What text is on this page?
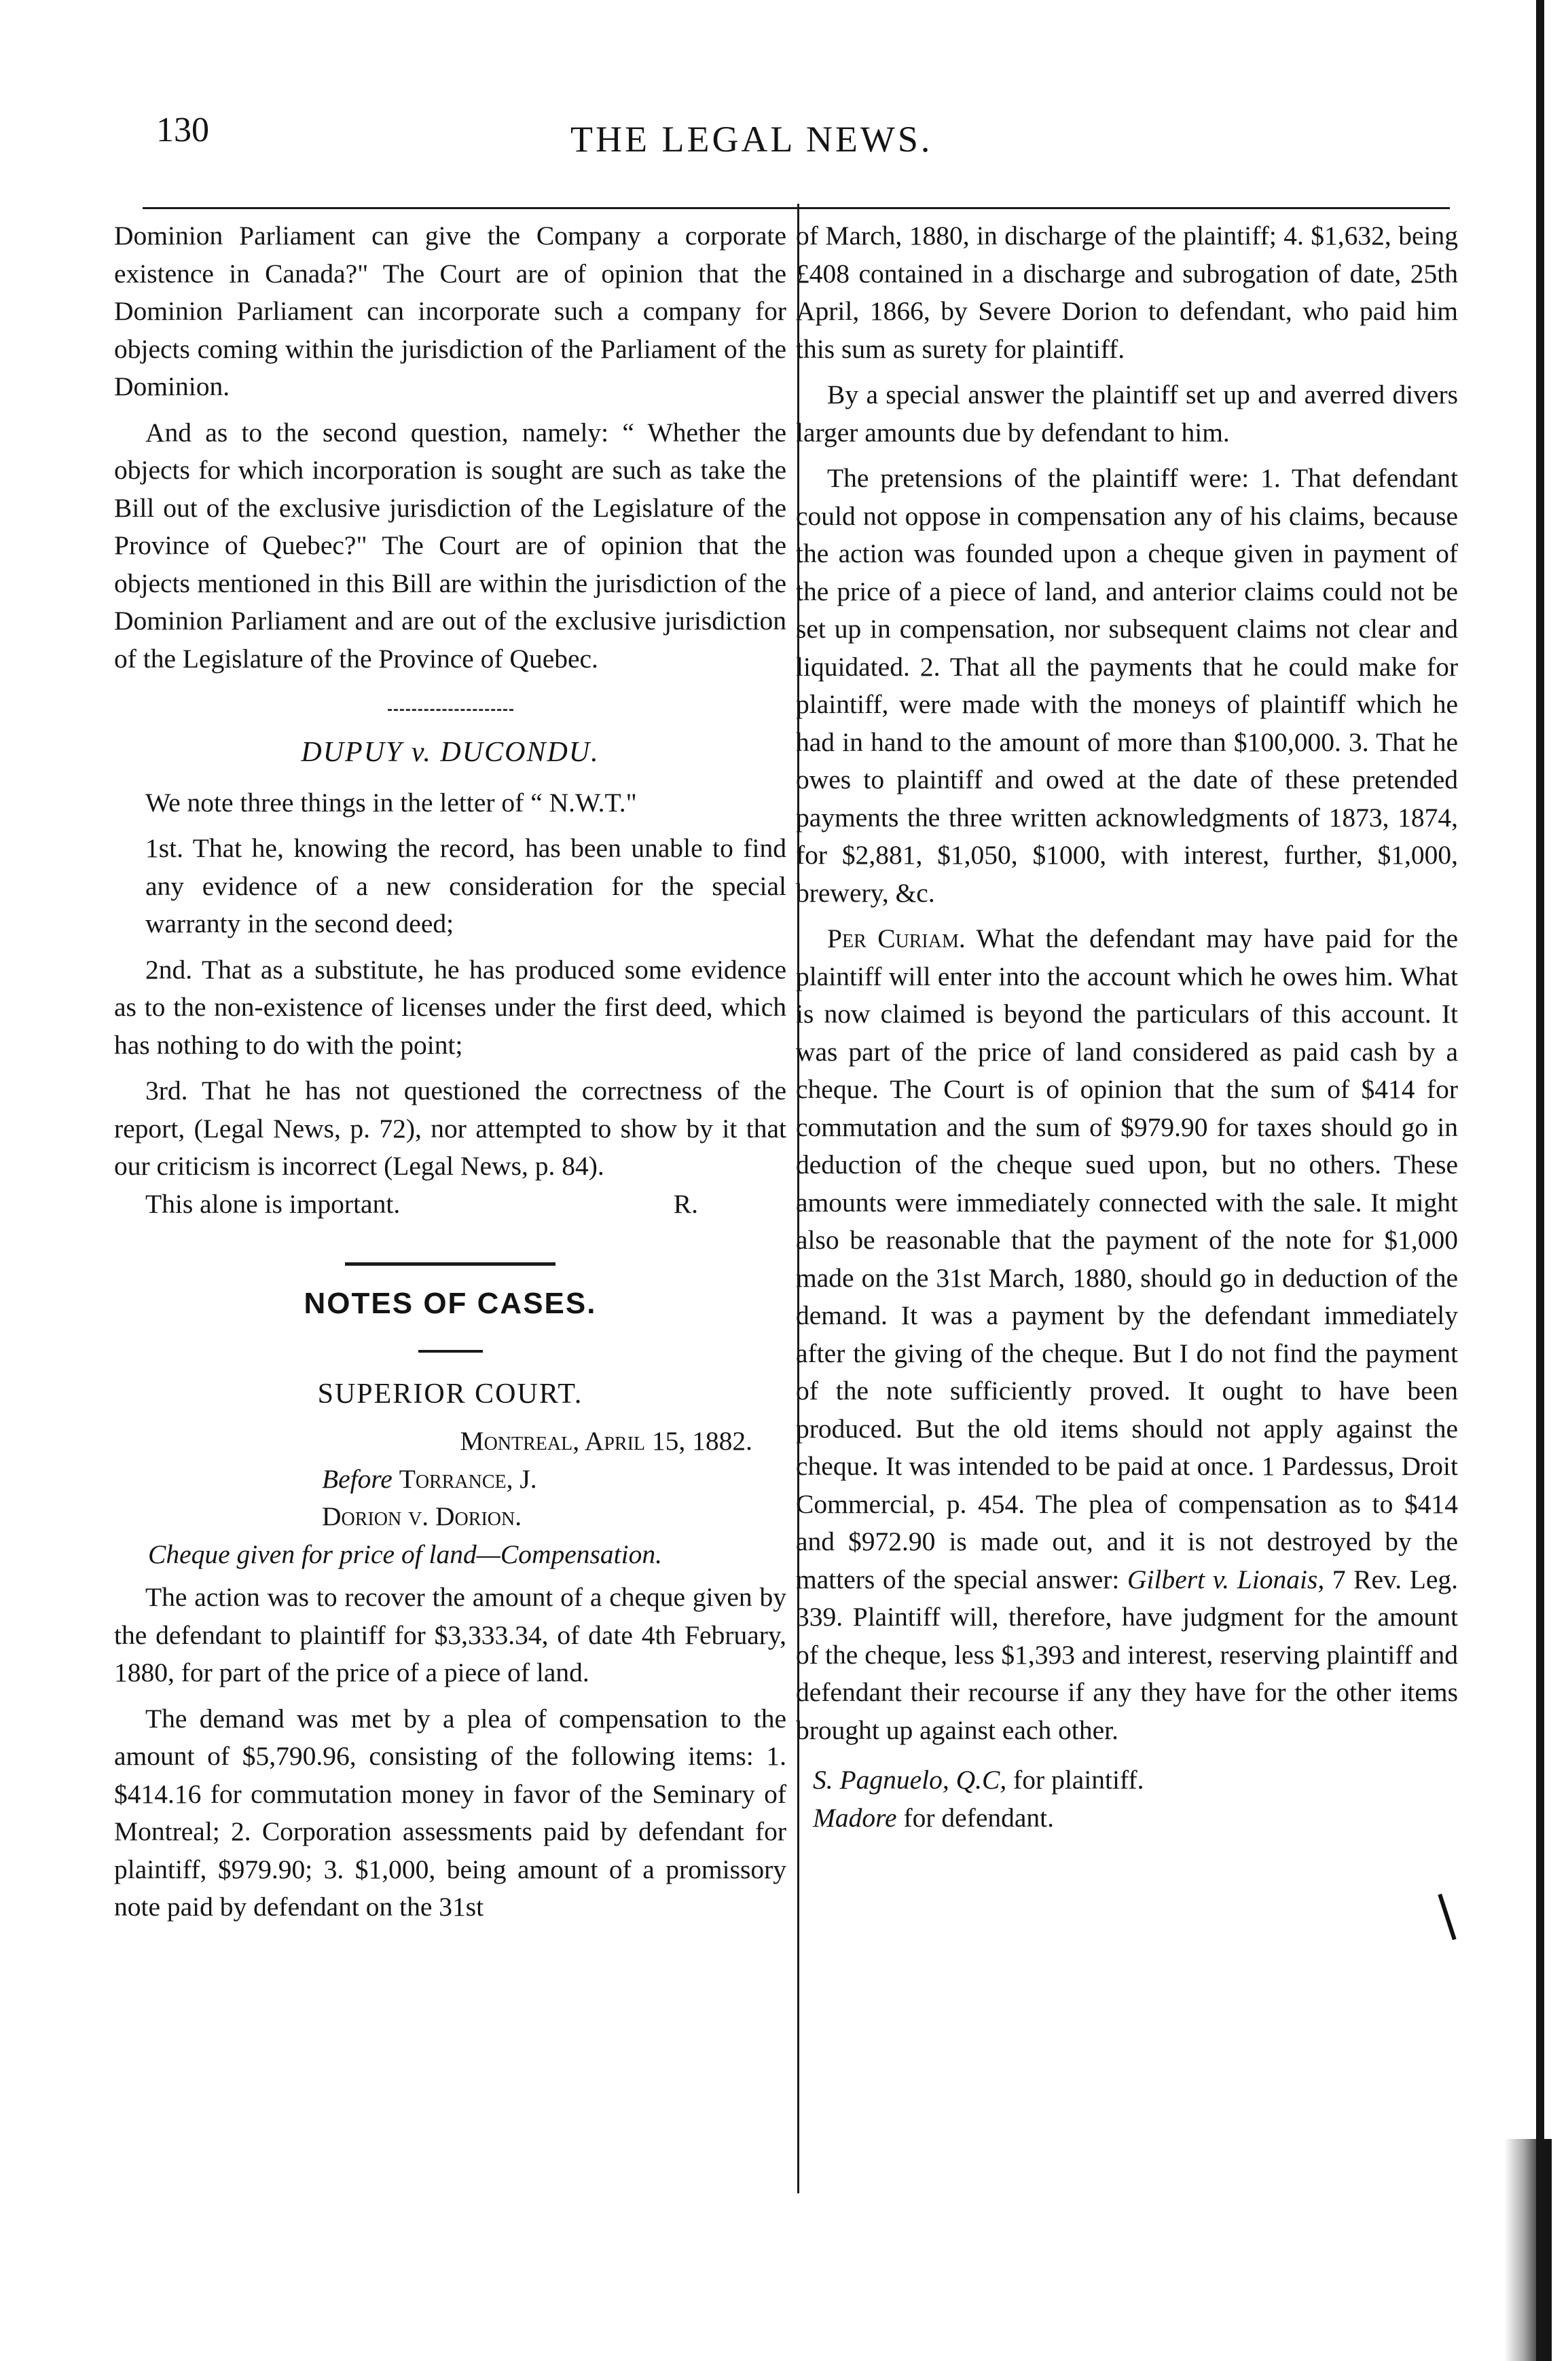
130	THE LEGAL NEWS.

Dominion Parliament can give the Company a corporate existence in Canada?" The Court are of opinion that the Dominion Parliament can incorporate such a company for objects coming within the jurisdiction of the Parliament of the Dominion.

And as to the second question, namely: “ Whether the objects for which incorporation is sought are such as take the Bill out of the exclusive jurisdiction of the Legislature of the Province of Quebec?" The Court are of opinion that the objects mentioned in this Bill are within the jurisdiction of the Dominion Parliament and are out of the exclusive jurisdiction of the Legislature of the Province of Quebec.

DUPUY v. DUCONDU.

We note three things in the letter of “ N.W.T."

1st. That he, knowing the record, has been unable to find any evidence of a new consideration for the special warranty in the second deed;

2nd. That as a substitute, he has produced some evidence as to the non-existence of licenses under the first deed, which has nothing to do with the point;

3rd. That he has not questioned the correctness of the report, (Legal News, p. 72), nor attempted to show by it that our criticism is incorrect (Legal News, p. 84).

This alone is important.	R.
NOTES OF CASES.
SUPERIOR COURT.
Montreal, April 15, 1882.
Before Torrance, J.
Dorion v. Dorion.
Cheque given for price of land—Compensation.

The action was to recover the amount of a cheque given by the defendant to plaintiff for $3,333.34, of date 4th February, 1880, for part of the price of a piece of land.

The demand was met by a plea of compensation to the amount of $5,790.96, consisting of the following items: 1. $414.16 for commutation money in favor of the Seminary of Montreal; 2. Corporation assessments paid by defendant for plaintiff, $979.90; 3. $1,000, being amount of a promissory note paid by defendant on the 31st

of March, 1880, in discharge of the plaintiff; 4. $1,632, being £408 contained in a discharge and subrogation of date, 25th April, 1866, by Severe Dorion to defendant, who paid him this sum as surety for plaintiff.

By a special answer the plaintiff set up and averred divers larger amounts due by defendant to him.

The pretensions of the plaintiff were: 1. That defendant could not oppose in compensation any of his claims, because the action was founded upon a cheque given in payment of the price of a piece of land, and anterior claims could not be set up in compensation, nor subsequent claims not clear and liquidated. 2. That all the payments that he could make for plaintiff, were made with the moneys of plaintiff which he had in hand to the amount of more than $100,000. 3. That he owes to plaintiff and owed at the date of these pretended payments the three written acknowledgments of 1873, 1874, for $2,881, $1,050, $1000, with interest, further, $1,000, brewery, &c.

Per Curiam. What the defendant may have paid for the plaintiff will enter into the account which he owes him. What is now claimed is beyond the particulars of this account. It was part of the price of land considered as paid cash by a cheque. The Court is of opinion that the sum of $414 for commutation and the sum of $979.90 for taxes should go in deduction of the cheque sued upon, but no others. These amounts were immediately connected with the sale. It might also be reasonable that the payment of the note for $1,000 made on the 31st March, 1880, should go in deduction of the demand. It was a payment by the defendant immediately after the giving of the cheque. But I do not find the payment of the note sufficiently proved. It ought to have been produced. But the old items should not apply against the cheque. It was intended to be paid at once. 1 Pardessus, Droit Commercial, p. 454. The plea of compensation as to $414 and $972.90 is made out, and it is not destroyed by the matters of the special answer: Gilbert v. Lionais, 7 Rev. Leg. 339. Plaintiff will, therefore, have judgment for the amount of the cheque, less $1,393 and interest, reserving plaintiff and defendant their recourse if any they have for the other items brought up against each other.

S. Pagnuelo, Q.C, for plaintiff.

Madore for defendant.
